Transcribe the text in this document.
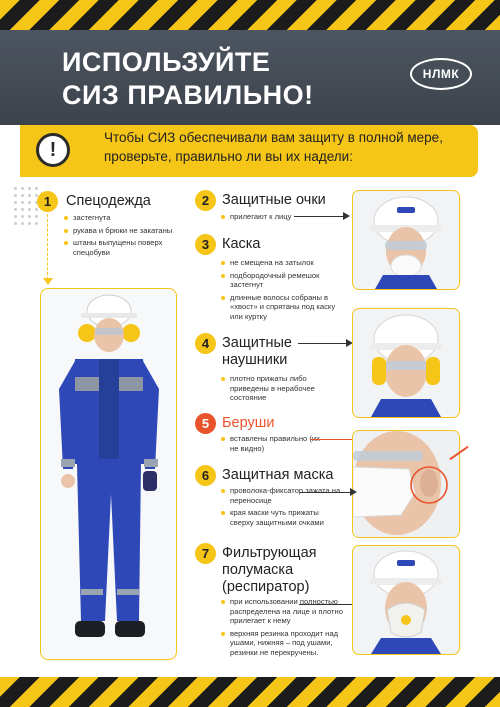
ИСПОЛЬЗУЙТЕ
СИЗ ПРАВИЛЬНО!
НЛМК
!
Чтобы СИЗ обеспечивали вам защиту в полной мере, проверьте, правильно ли вы их надели:
1	Спецодежда
застегнута
рукава и брюки не закатаны
штаны выпущены поверх спецобуви
2 Защитные очки
прилегают к лицу
3 Каска
не смещена на затылок
подбородочный ремешок застегнут
длинные волосы собраны в «хвост» и спрятаны под каску или куртку
4 Защитные наушники
плотно прижаты либо приведены в нерабочее состояние
5 Беруши
вставлены правильно (их не видно)
6 Защитная маска
проволока-фиксатор зажата на переносице
края маски чуть прижаты сверху защитными очками
7 Фильтрующая полумаска (респиратор)
при использовании полностью распределена на лице и плотно прилегает к нему
верхняя резинка проходит над ушами, нижняя – под ушами, резинки не перекручены.
